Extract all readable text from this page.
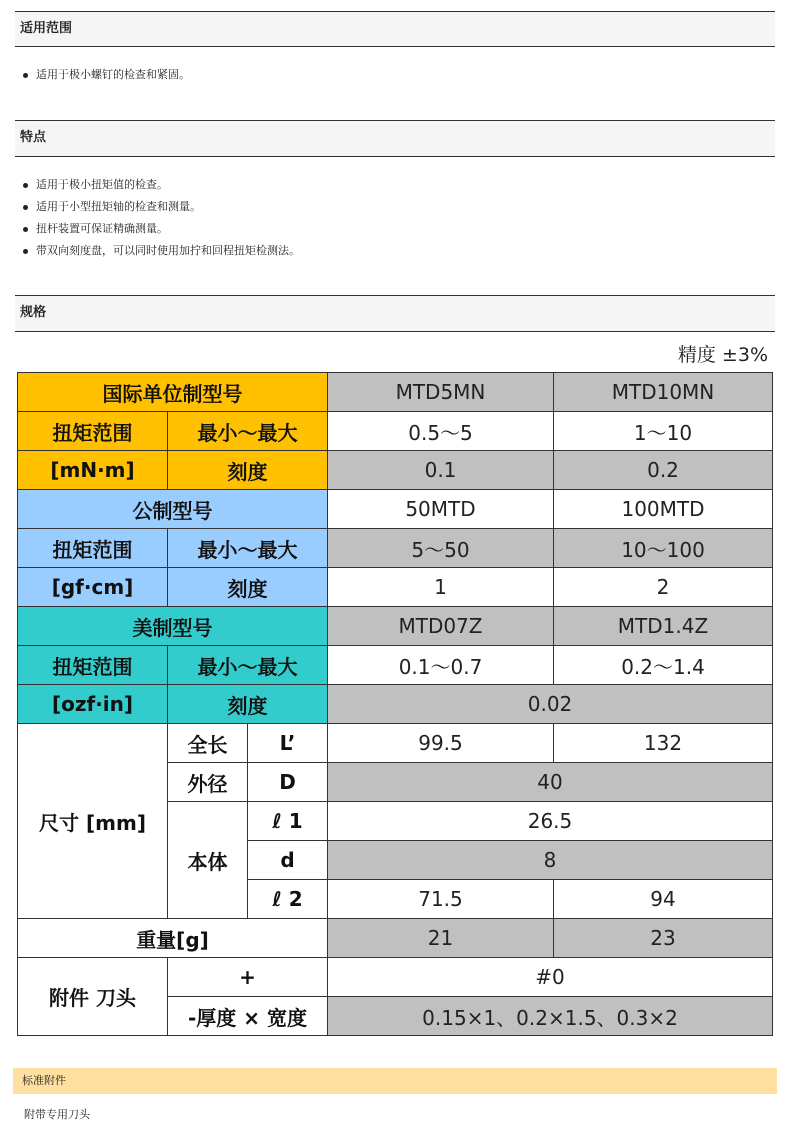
适用范围
适用于极小螺钉的检查和紧固。
特点
适用于极小扭矩值的检查。
适用于小型扭矩轴的检查和测量。
扭杆装置可保证精确测量。
带双向刻度盘，可以同时使用加拧和回程扭矩检测法。
规格
精度 ±3%
国际单位制型号			MTD5MN	MTD10MN
扭矩范围	最小～最大		0.5～5	1～10
[mN·m]	刻度		0.1	0.2
公制型号			50MTD	100MTD
扭矩范围	最小～最大		5～50	10～100
[gf·cm]	刻度		1	2
美制型号			MTD07Z	MTD1.4Z
扭矩范围	最小～最大		0.1～0.7	0.2～1.4
[ozf·in]	刻度		0.02	
尺寸 [mm]	全长	L’	99.5	132
	外径	D	40	
	本体	ℓ 1	26.5	
		d	8	
		ℓ 2	71.5	94
重量[g]			21	23
附件 刀头	+		#0	
	-厚度 × 宽度		0.15×1、0.2×1.5、0.3×2	
标准附件
附带专用刀头
